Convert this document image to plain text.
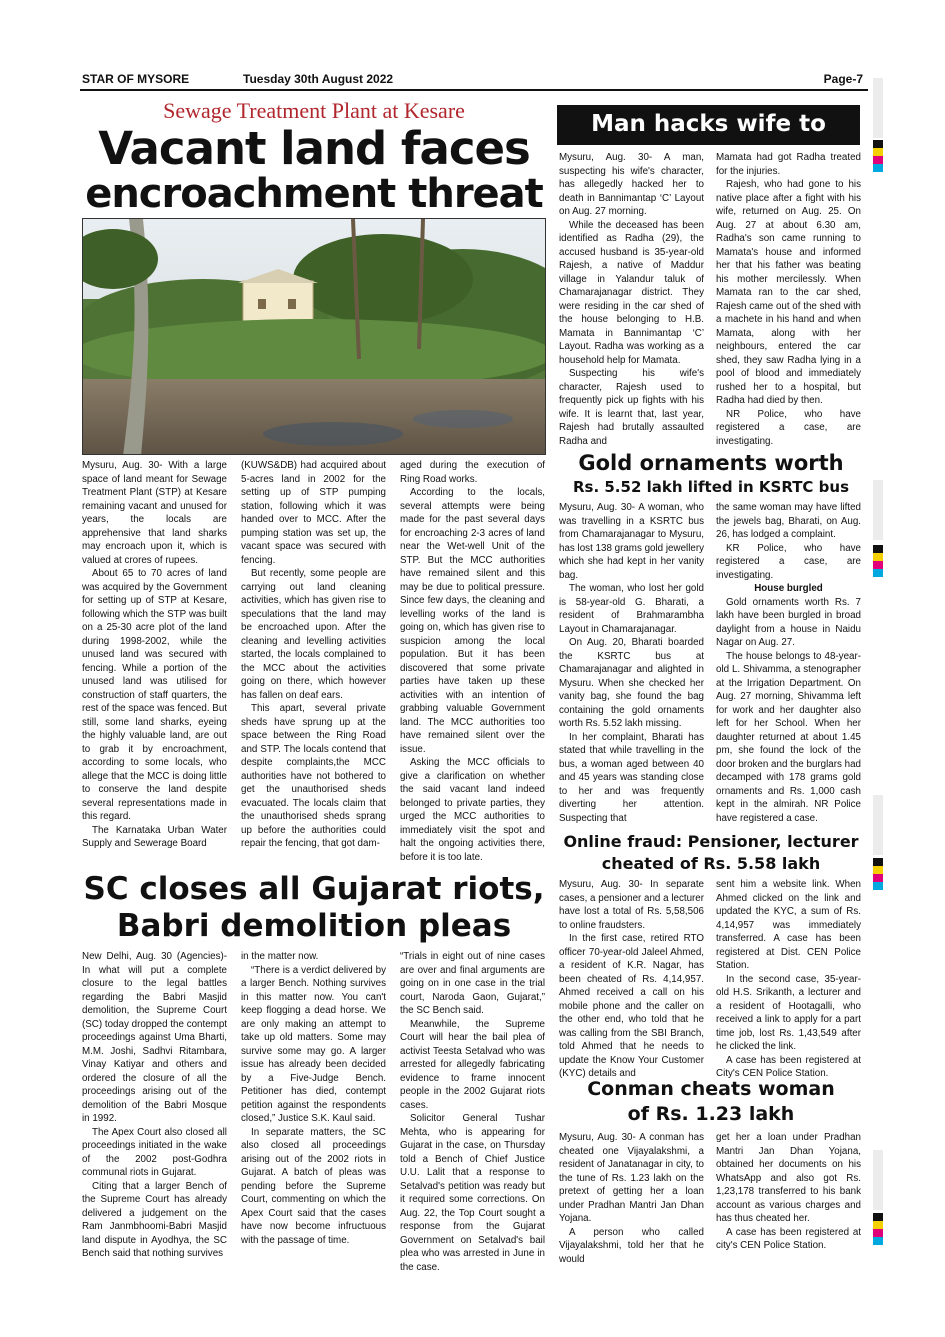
STAR OF MYSORE	Tuesday 30th August 2022	Page-7
Sewage Treatment Plant at Kesare
Vacant land faces
encroachment threat

Mysuru, Aug. 30- With a large space of land meant for Sewage Treatment Plant (STP) at Kesare remaining vacant and unused for years, the locals are apprehensive that land sharks may encroach upon it, which is valued at crores of rupees.

About 65 to 70 acres of land was acquired by the Government for setting up of STP at Kesare, following which the STP was built on a 25-30 acre plot of the land during 1998-2002, while the unused land was secured with fencing. While a portion of the unused land was utilised for construction of staff quarters, the rest of the space was fenced. But still, some land sharks, eyeing the highly valuable land, are out to grab it by encroachment, according to some locals, who allege that the MCC is doing little to conserve the land despite several representations made in this regard.

The Karnataka Urban Water Supply and Sewerage Board

(KUWS&DB) had acquired about 5-acres land in 2002 for the setting up of STP pumping station, following which it was handed over to MCC. After the pumping station was set up, the vacant space was secured with fencing.

But recently, some people are carrying out land cleaning activities, which has given rise to speculations that the land may be encroached upon. After the cleaning and levelling activities started, the locals complained to the MCC about the activities going on there, which however has fallen on deaf ears.

This apart, several private sheds have sprung up at the space between the Ring Road and STP. The locals contend that despite complaints,the MCC authorities have not bothered to get the unauthorised sheds evacuated. The locals claim that the unauthorised sheds sprang up before the authorities could repair the fencing, that got dam-

aged during the execution of Ring Road works.

According to the locals, several attempts were being made for the past several days for encroaching 2-3 acres of land near the Wet-well Unit of the STP. But the MCC authorities have remained silent and this may be due to political pressure. Since few days, the cleaning and levelling works of the land is going on, which has given rise to suspicion among the local population. But it has been discovered that some private parties have taken up these activities with an intention of grabbing valuable Government land. The MCC authorities too have remained silent over the issue.

Asking the MCC officials to give a clarification on whether the said vacant land indeed belonged to private parties, they urged the MCC authorities to immediately visit the spot and halt the ongoing activities there, before it is too late.

SC closes all Gujarat riots,
Babri demolition pleas

New Delhi, Aug. 30 (Agencies)- In what will put a complete closure to the legal battles regarding the Babri Masjid demolition, the Supreme Court (SC) today dropped the contempt proceedings against Uma Bharti, M.M. Joshi, Sadhvi Ritambara, Vinay Katiyar and others and ordered the closure of all the proceedings arising out of the demolition of the Babri Mosque in 1992.

The Apex Court also closed all proceedings initiated in the wake of the 2002 post-Godhra communal riots in Gujarat.

Citing that a larger Bench of the Supreme Court has already delivered a judgement on the Ram Janmbhoomi-Babri Masjid land dispute in Ayodhya, the SC Bench said that nothing survives

in the matter now.

“There is a verdict delivered by a larger Bench. Nothing survives in this matter now. You can't keep flogging a dead horse. We are only making an attempt to take up old matters. Some may survive some may go. A larger issue has already been decided by a Five-Judge Bench. Petitioner has died, contempt petition against the respondents closed,” Justice S.K. Kaul said.

In separate matters, the SC also closed all proceedings arising out of the 2002 riots in Gujarat. A batch of pleas was pending before the Supreme Court, commenting on which the Apex Court said that the cases have now become infructuous with the passage of time.

“Trials in eight out of nine cases are over and final arguments are going on in one case in the trial court, Naroda Gaon, Gujarat,” the SC Bench said.

Meanwhile, the Supreme Court will hear the bail plea of activist Teesta Setalvad who was arrested for allegedly fabricating evidence to frame innocent people in the 2002 Gujarat riots cases.

Solicitor General Tushar Mehta, who is appearing for Gujarat in the case, on Thursday told a Bench of Chief Justice U.U. Lalit that a response to Setalvad's petition was ready but it required some corrections. On Aug. 22, the Top Court sought a response from the Gujarat Government on Setalvad's bail plea who was arrested in June in the case.

Man hacks wife to death

Mysuru, Aug. 30- A man, suspecting his wife's character, has allegedly hacked her to death in Bannimantap ‘C’ Layout on Aug. 27 morning.

While the deceased has been identified as Radha (29), the accused husband is 35-year-old Rajesh, a native of Maddur village in Yalandur taluk of Chamarajanagar district. They were residing in the car shed of the house belonging to H.B. Mamata in Bannimantap ‘C’ Layout. Radha was working as a household help for Mamata.

Suspecting his wife's character, Rajesh used to frequently pick up fights with his wife. It is learnt that, last year, Rajesh had brutally assaulted Radha and

Mamata had got Radha treated for the injuries.

Rajesh, who had gone to his native place after a fight with his wife, returned on Aug. 25. On Aug. 27 at about 6.30 am, Radha's son came running to Mamata's house and informed her that his father was beating his mother mercilessly. When Mamata ran to the car shed, Rajesh came out of the shed with a machete in his hand and when Mamata, along with her neighbours, entered the car shed, they saw Radha lying in a pool of blood and immediately rushed her to a hospital, but Radha had died by then.

NR Police, who have registered a case, are investigating.

Gold ornaments worth
Rs. 5.52 lakh lifted in KSRTC bus

Mysuru, Aug. 30- A woman, who was travelling in a KSRTC bus from Chamarajanagar to Mysuru, has lost 138 grams gold jewellery which she had kept in her vanity bag.

The woman, who lost her gold is 58-year-old G. Bharati, a resident of Brahmarambha Layout in Chamarajanagar.

On Aug. 20, Bharati boarded the KSRTC bus at Chamarajanagar and alighted in Mysuru. When she checked her vanity bag, she found the bag containing the gold ornaments worth Rs. 5.52 lakh missing.

In her complaint, Bharati has stated that while travelling in the bus, a woman aged between 40 and 45 years was standing close to her and was frequently diverting her attention. Suspecting that

the same woman may have lifted the jewels bag, Bharati, on Aug. 26, has lodged a complaint.

KR Police, who have registered a case, are investigating.

House burgled

Gold ornaments worth Rs. 7 lakh have been burgled in broad daylight from a house in Naidu Nagar on Aug. 27.

The house belongs to 48-year-old L. Shivamma, a stenographer at the Irrigation Department. On Aug. 27 morning, Shivamma left for work and her daughter also left for her School. When her daughter returned at about 1.45 pm, she found the lock of the door broken and the burglars had decamped with 178 grams gold ornaments and Rs. 1,000 cash kept in the almirah. NR Police have registered a case.

Online fraud: Pensioner, lecturer
cheated of Rs. 5.58 lakh

Mysuru, Aug. 30- In separate cases, a pensioner and a lecturer have lost a total of Rs. 5,58,506 to online fraudsters.

In the first case, retired RTO officer 70-year-old Jaleel Ahmed, a resident of K.R. Nagar, has been cheated of Rs. 4,14,957. Ahmed received a call on his mobile phone and the caller on the other end, who told that he was calling from the SBI Branch, told Ahmed that he needs to update the Know Your Customer (KYC) details and

sent him a website link. When Ahmed clicked on the link and updated the KYC, a sum of Rs. 4,14,957 was immediately transferred. A case has been registered at Dist. CEN Police Station.

In the second case, 35-year-old H.S. Srikanth, a lecturer and a resident of Hootagalli, who received a link to apply for a part time job, lost Rs. 1,43,549 after he clicked the link.

A case has been registered at City's CEN Police Station.

Conman cheats woman
of Rs. 1.23 lakh

Mysuru, Aug. 30- A conman has cheated one Vijayalakshmi, a resident of Janatanagar in city, to the tune of Rs. 1.23 lakh on the pretext of getting her a loan under Pradhan Mantri Jan Dhan Yojana.

A person who called Vijayalakshmi, told her that he would

get her a loan under Pradhan Mantri Jan Dhan Yojana, obtained her documents on his WhatsApp and also got Rs. 1,23,178 transferred to his bank account as various charges and has thus cheated her.

A case has been registered at city's CEN Police Station.
